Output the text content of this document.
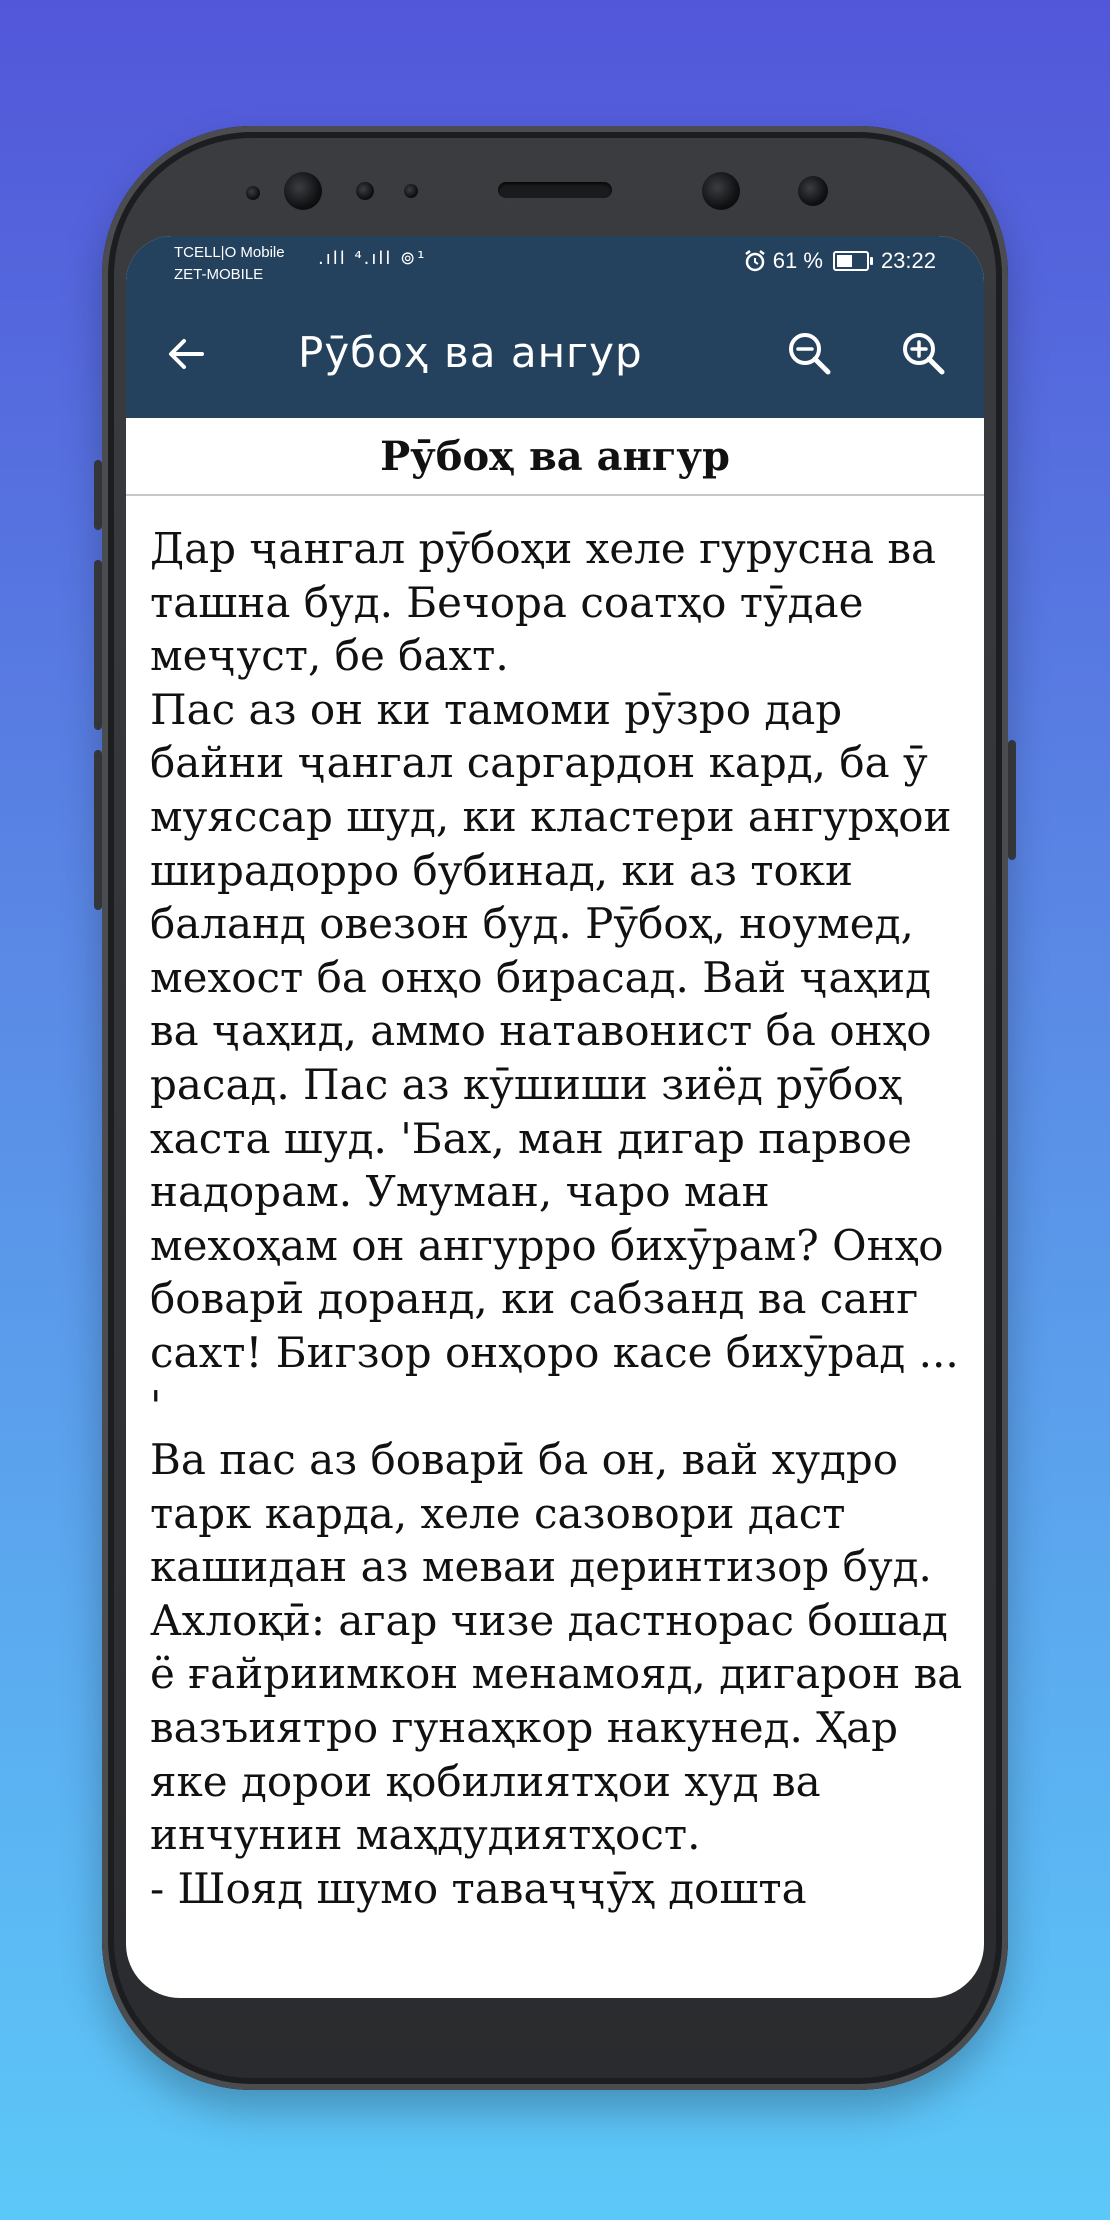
TCELL|O Mobile
ZET-MOBILE
.ıll ⁴.ıll ⊚¹	61 %	23:22
Рӯбоҳ ва ангур
Рӯбоҳ ва ангур
Дар ҷангал рӯбоҳи хеле гурусна ва ташна буд. Бечора соатҳо тӯдае меҷуст, бе бахт.
Пас аз он ки тамоми рӯзро дар байни ҷангал саргардон кард, ба ӯ муяссар шуд, ки кластери ангурҳои ширадорро бубинад, ки аз токи баланд овезон буд. Рӯбоҳ, ноумед, мехост ба онҳо бирасад. Вай ҷаҳид ва ҷаҳид, аммо натавонист ба онҳо расад. Пас аз кӯшиши зиёд рӯбоҳ хаста шуд. 'Бах, ман дигар парвое надорам. Умуман, чаро ман мехоҳам он ангурро бихӯрам? Онҳо боварӣ доранд, ки сабзанд ва санг сахт! Бигзор онҳоро касе бихӯрад ... '
Ва пас аз боварӣ ба он, вай худро тарк карда, хеле сазовори даст кашидан аз меваи деринтизор буд.
Ахлоқӣ: агар чизе дастнорас бошад ё ғайриимкон менамояд, дигарон ва вазъиятро гунаҳкор накунед. Ҳар яке дорои қобилиятҳои худ ва инчунин маҳдудиятҳост.
- Шояд шумо таваҷҷӯҳ дошта
